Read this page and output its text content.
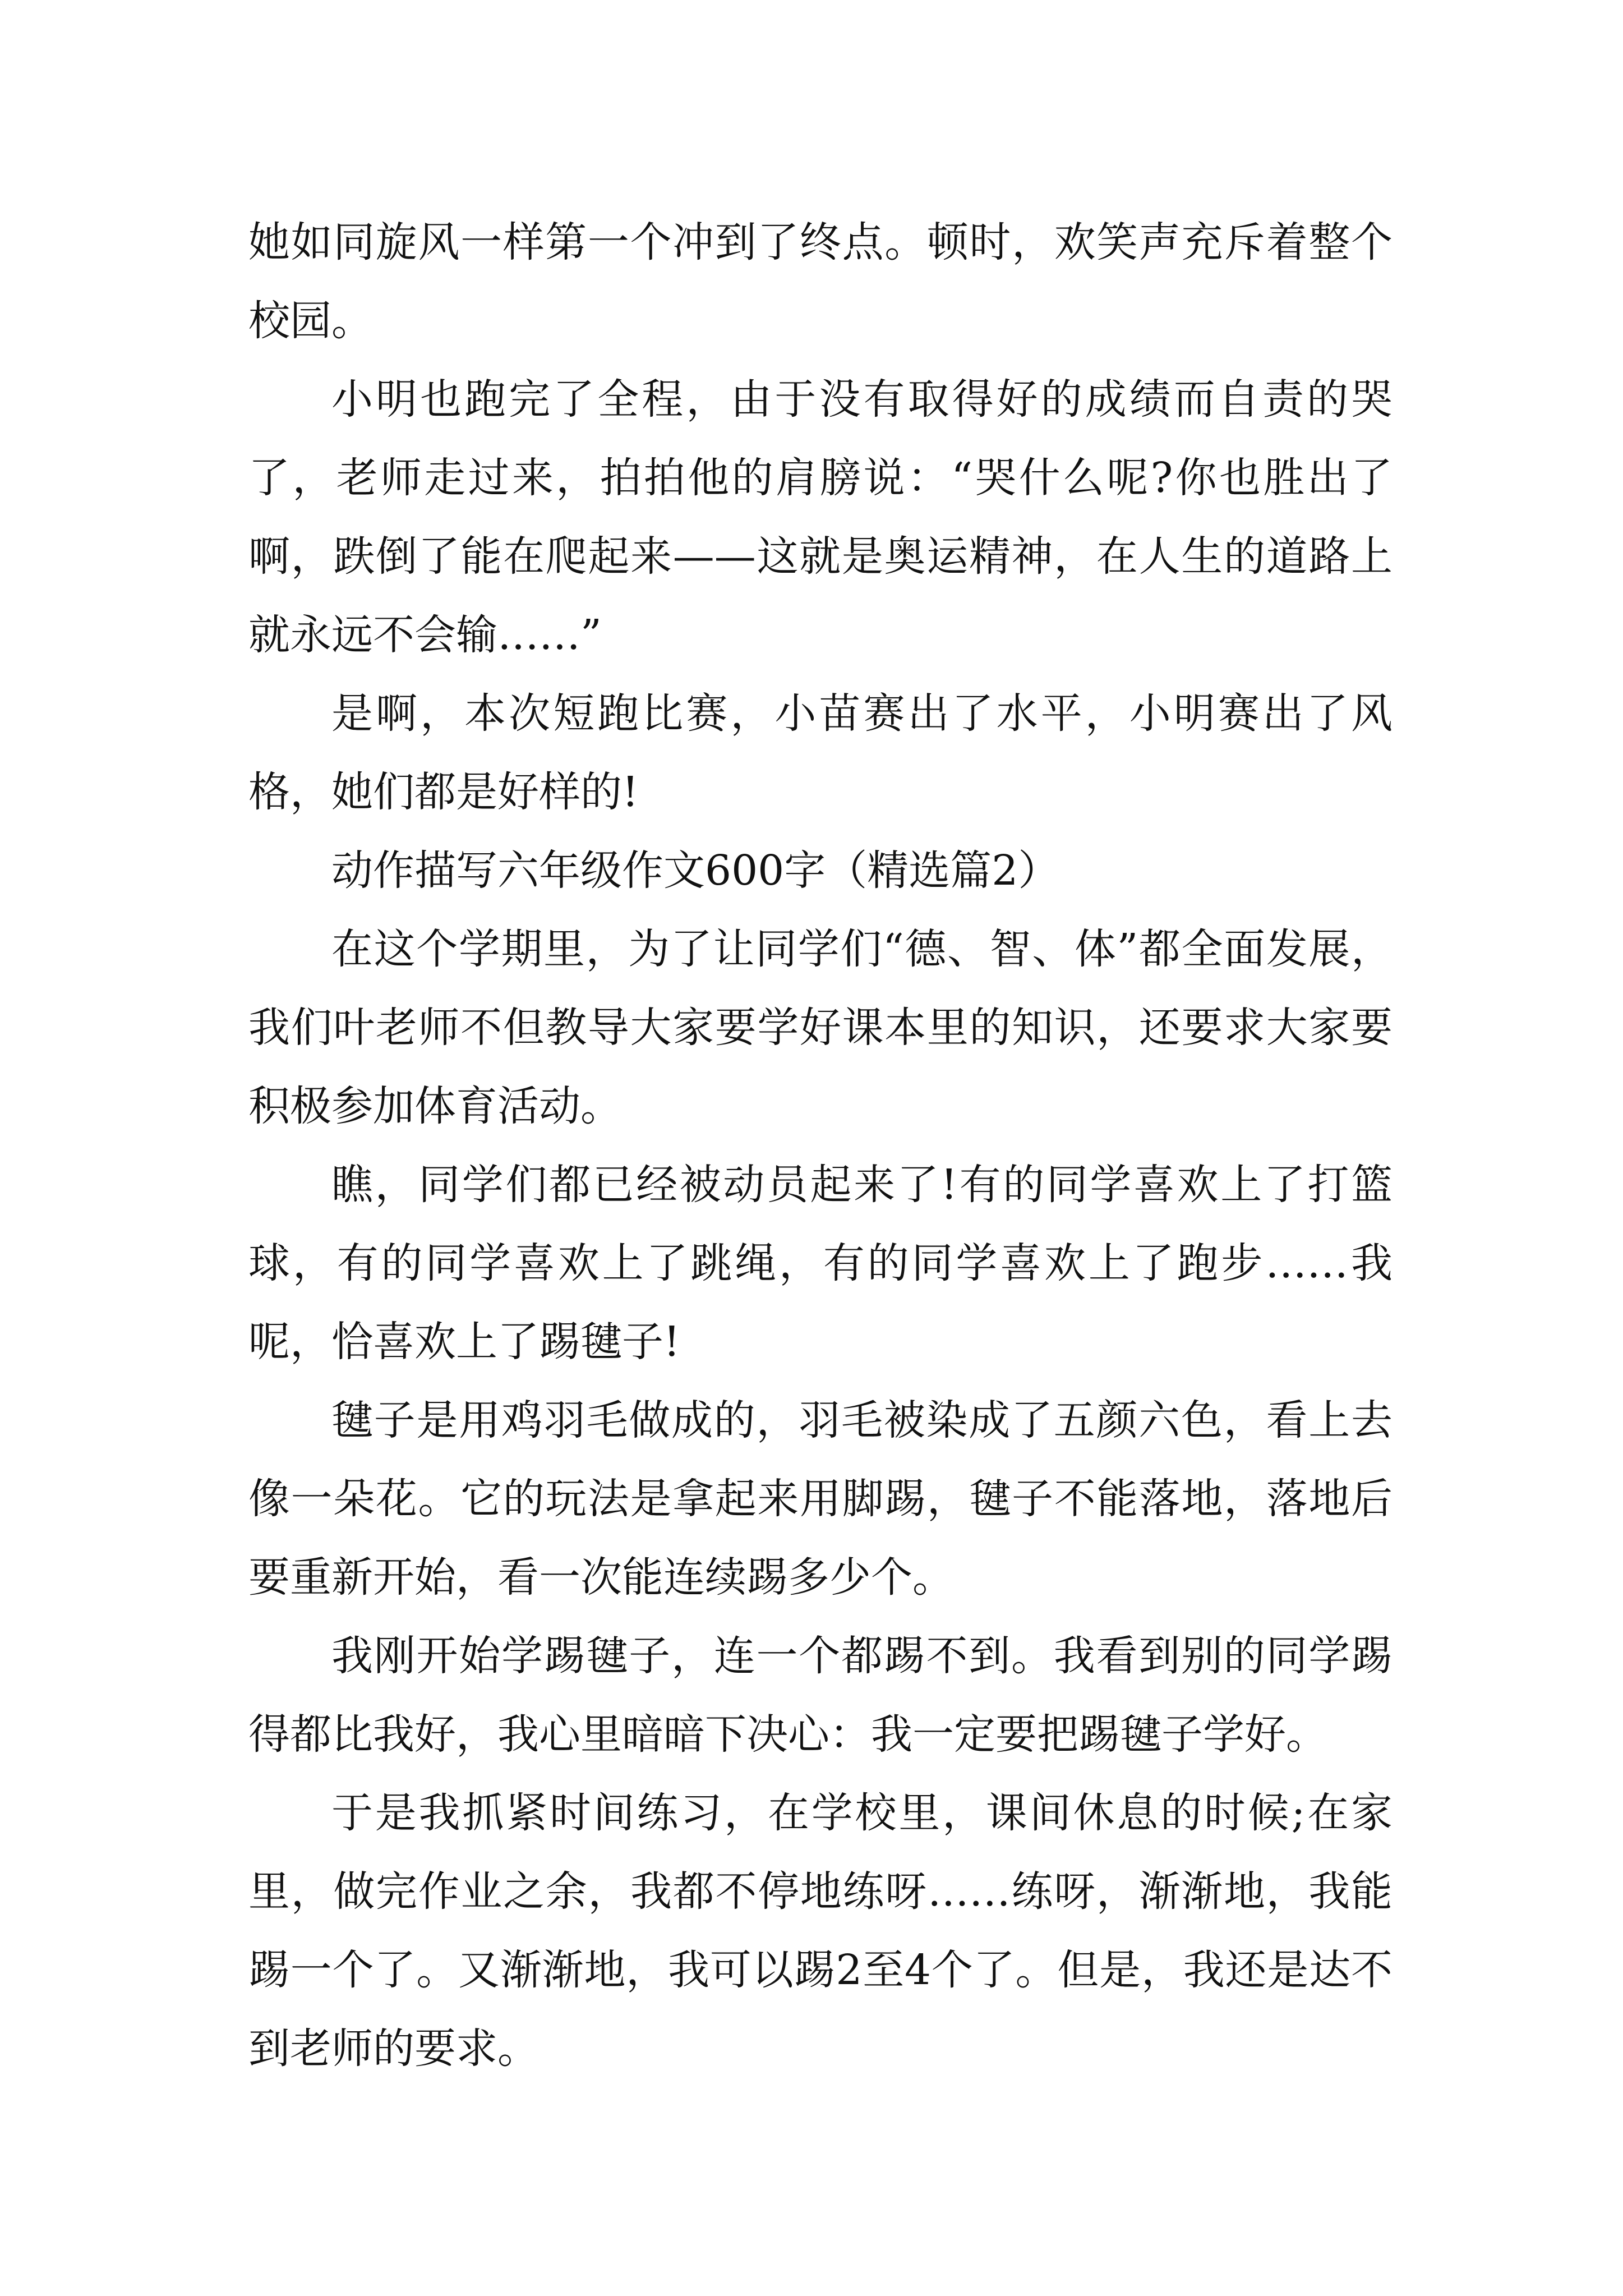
她如同旋风一样第一个冲到了终点。顿时，欢笑声充斥着整个校园。

小明也跑完了全程，由于没有取得好的成绩而自责的哭了，老师走过来，拍拍他的肩膀说：“哭什么呢?你也胜出了啊，跌倒了能在爬起来——这就是奥运精神，在人生的道路上就永远不会输……”

是啊，本次短跑比赛，小苗赛出了水平，小明赛出了风格，她们都是好样的!

动作描写六年级作文600字（精选篇2）

在这个学期里，为了让同学们“德、智、体”都全面发展，我们叶老师不但教导大家要学好课本里的知识，还要求大家要积极参加体育活动。

瞧，同学们都已经被动员起来了!有的同学喜欢上了打篮球，有的同学喜欢上了跳绳，有的同学喜欢上了跑步……我呢，恰喜欢上了踢毽子!

毽子是用鸡羽毛做成的，羽毛被染成了五颜六色，看上去像一朵花。它的玩法是拿起来用脚踢，毽子不能落地，落地后要重新开始，看一次能连续踢多少个。

我刚开始学踢毽子，连一个都踢不到。我看到别的同学踢得都比我好，我心里暗暗下决心：我一定要把踢毽子学好。

于是我抓紧时间练习，在学校里，课间休息的时候;在家里，做完作业之余，我都不停地练呀……练呀，渐渐地，我能踢一个了。又渐渐地，我可以踢2至4个了。但是，我还是达不到老师的要求。
